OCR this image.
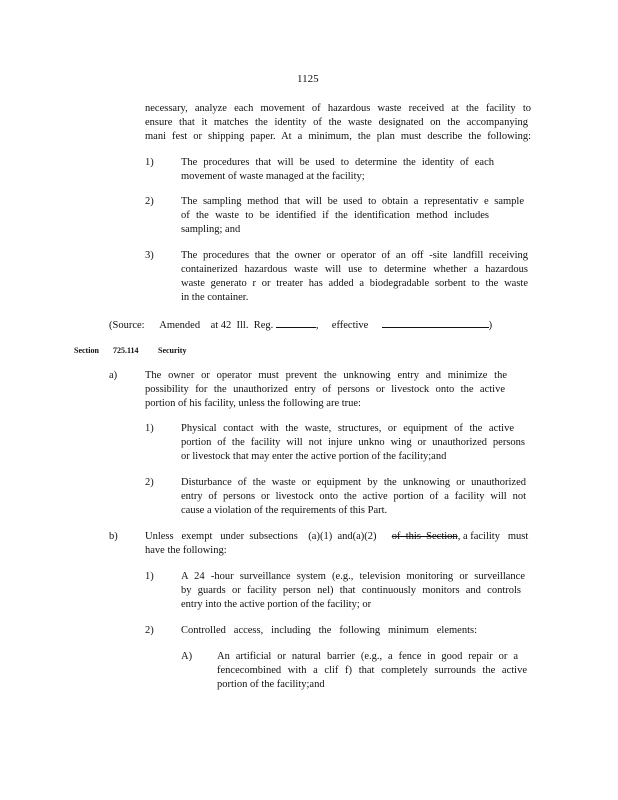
1125
necessary, analyze each movement of hazardous waste received at the facility to
ensure that it matches the identity of the waste designated on the accompanying
mani fest or shipping paper. At a minimum, the plan must describe the following:
1)	The procedures that will be used to determine the identity of each
movement of waste managed at the facility;
2)	The sampling method that will be used to obtain a representativ e sample
of the waste to be identified if the identification method includes
sampling; and
3)	The procedures that the owner or operator of an off -site landfill receiving
containerized hazardous waste will use to determine whether a hazardous
waste generato r or treater has added a biodegradable sorbent to the waste
in the container.
(Source: Amended    at 42  Ill.  Reg.	, effective	)
Section 725.114 Security
a)	The owner or operator must prevent the unknowing entry and minimize the
possibility for the unauthorized entry of persons or livestock onto the active
portion of his facility, unless the following are true:
1)	Physical contact with the waste, structures, or equipment of the active
portion of the facility will not injure unkno wing or unauthorized persons
or livestock that may enter the active portion of the facility;and
2)	Disturbance of the waste or equipment by the unknowing or unauthorized
entry of persons or livestock onto the active portion of a facility will not
cause a violation of the requirements of this Part.
b)	Unless   exempt   under  subsections    (a)(1)  and(a)(2) of  this  Section, a facility   must
have the following:
1)	A 24 -hour surveillance system (e.g., television monitoring or surveillance
by guards or facility person nel) that continuously monitors and controls
entry into the active portion of the facility; or
2)	Controlled access, including the following minimum elements:
A) An artificial or natural barrier (e.g., a fence in good repair or a
fencecombined with a clif f) that completely surrounds the active
portion of the facility;and
